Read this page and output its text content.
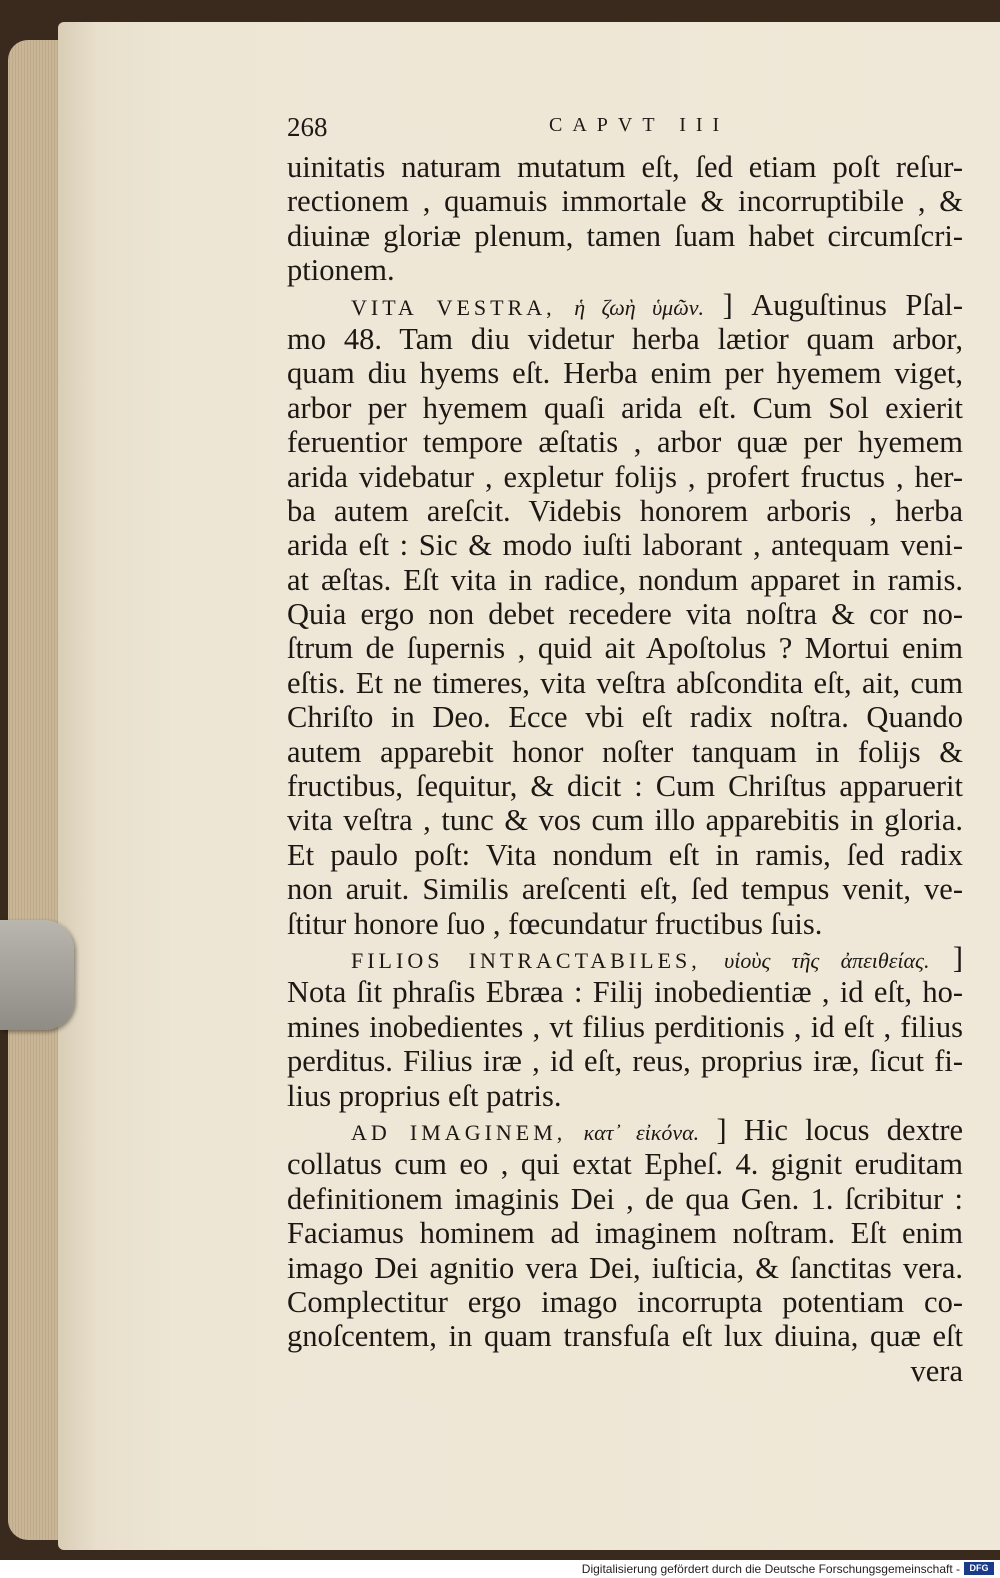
268	CAPVT III
uinitatis naturam mutatum eſt, ſed etiam poſt reſur-
rectionem , quamuis immortale & incorruptibile , &
diuinæ gloriæ plenum, tamen ſuam habet circumſcri-
ptionem.
VITA VESTRA, ἡ ζωὴ ὑμῶν. ] Auguſtinus Pſal-
mo 48. Tam diu videtur herba lætior quam arbor,
quam diu hyems eſt. Herba enim per hyemem viget,
arbor per hyemem quaſi arida eſt. Cum Sol exierit
feruentior tempore æſtatis , arbor quæ per hyemem
arida videbatur , expletur folijs , profert fructus , her-
ba autem areſcit. Videbis honorem arboris , herba
arida eſt : Sic & modo iuſti laborant , antequam veni-
at æſtas. Eſt vita in radice, nondum apparet in ramis.
Quia ergo non debet recedere vita noſtra & cor no-
ſtrum de ſupernis , quid ait Apoſtolus ? Mortui enim
eſtis. Et ne timeres, vita veſtra abſcondita eſt, ait, cum
Chriſto in Deo. Ecce vbi eſt radix noſtra. Quando
autem apparebit honor noſter tanquam in folijs &
fructibus, ſequitur, & dicit : Cum Chriſtus apparuerit
vita veſtra , tunc & vos cum illo apparebitis in gloria.
Et paulo poſt: Vita nondum eſt in ramis, ſed radix
non aruit. Similis areſcenti eſt, ſed tempus venit, ve-
ſtitur honore ſuo , fœcundatur fructibus ſuis.
FILIOS INTRACTABILES, υἱοὺς τῆς ἀπειθείας. ]
Nota ſit phraſis Ebræa : Filij inobedientiæ , id eſt, ho-
mines inobedientes , vt filius perditionis , id eſt , filius
perditus. Filius iræ , id eſt, reus, proprius iræ, ſicut fi-
lius proprius eſt patris.
AD IMAGINEM, κατ᾽ εἰκόνα. ] Hic locus dextre
collatus cum eo , qui extat Epheſ. 4. gignit eruditam
definitionem imaginis Dei , de qua Gen. 1. ſcribitur :
Faciamus hominem ad imaginem noſtram. Eſt enim
imago Dei agnitio vera Dei, iuſticia, & ſanctitas vera.
Complectitur ergo imago incorrupta potentiam co-
gnoſcentem, in quam transfuſa eſt lux diuina, quæ eſt
vera
Digitalisierung gefördert durch die Deutsche Forschungsgemeinschaft -	DFG
